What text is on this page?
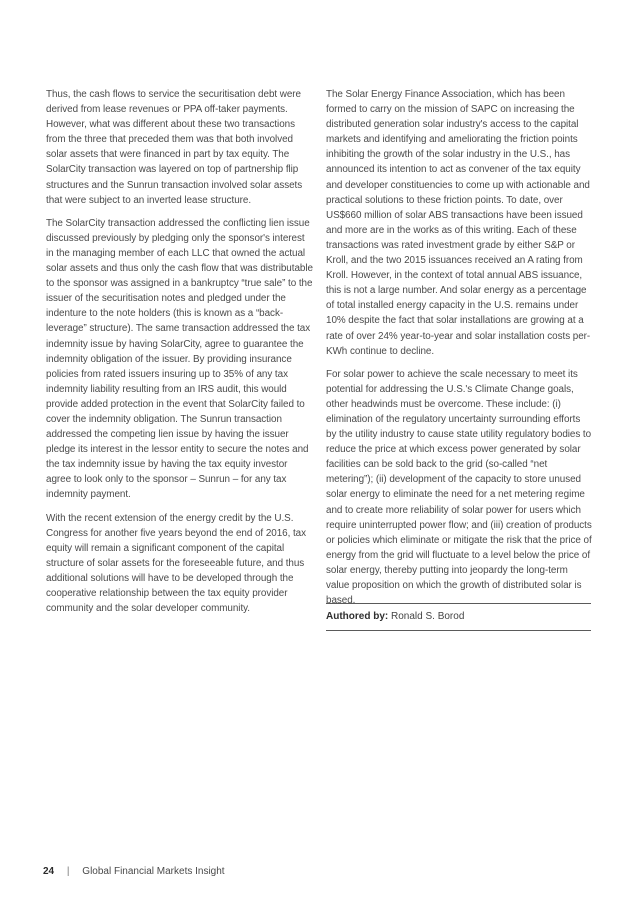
Thus, the cash flows to service the securitisation debt were derived from lease revenues or PPA off-taker payments. However, what was different about these two transactions from the three that preceded them was that both involved solar assets that were financed in part by tax equity. The SolarCity transaction was layered on top of partnership flip structures and the Sunrun transaction involved solar assets that were subject to an inverted lease structure.

The SolarCity transaction addressed the conflicting lien issue discussed previously by pledging only the sponsor's interest in the managing member of each LLC that owned the actual solar assets and thus only the cash flow that was distributable to the sponsor was assigned in a bankruptcy “true sale” to the issuer of the securitisation notes and pledged under the indenture to the note holders (this is known as a “back-leverage” structure). The same transaction addressed the tax indemnity issue by having SolarCity, agree to guarantee the indemnity obligation of the issuer. By providing insurance policies from rated issuers insuring up to 35% of any tax indemnity liability resulting from an IRS audit, this would provide added protection in the event that SolarCity failed to cover the indemnity obligation. The Sunrun transaction addressed the competing lien issue by having the issuer pledge its interest in the lessor entity to secure the notes and the tax indemnity issue by having the tax equity investor agree to look only to the sponsor – Sunrun – for any tax indemnity payment.

With the recent extension of the energy credit by the U.S. Congress for another five years beyond the end of 2016, tax equity will remain a significant component of the capital structure of solar assets for the foreseeable future, and thus additional solutions will have to be developed through the cooperative relationship between the tax equity provider community and the solar developer community.

The Solar Energy Finance Association, which has been formed to carry on the mission of SAPC on increasing the distributed generation solar industry's access to the capital markets and identifying and ameliorating the friction points inhibiting the growth of the solar industry in the U.S., has announced its intention to act as convener of the tax equity and developer constituencies to come up with actionable and practical solutions to these friction points. To date, over US$660 million of solar ABS transactions have been issued and more are in the works as of this writing. Each of these transactions was rated investment grade by either S&P or Kroll, and the two 2015 issuances received an A rating from Kroll. However, in the context of total annual ABS issuance, this is not a large number. And solar energy as a percentage of total installed energy capacity in the U.S. remains under 10% despite the fact that solar installations are growing at a rate of over 24% year-to-year and solar installation costs per-KWh continue to decline.

For solar power to achieve the scale necessary to meet its potential for addressing the U.S.'s Climate Change goals, other headwinds must be overcome. These include: (i) elimination of the regulatory uncertainty surrounding efforts by the utility industry to cause state utility regulatory bodies to reduce the price at which excess power generated by solar facilities can be sold back to the grid (so-called “net metering”); (ii) development of the capacity to store unused solar energy to eliminate the need for a net metering regime and to create more reliability of solar power for users which require uninterrupted power flow; and (iii) creation of products or policies which eliminate or mitigate the risk that the price of energy from the grid will fluctuate to a level below the price of solar energy, thereby putting into jeopardy the long-term value proposition on which the growth of distributed solar is based.

Authored by: Ronald S. Borod
24 | Global Financial Markets Insight
